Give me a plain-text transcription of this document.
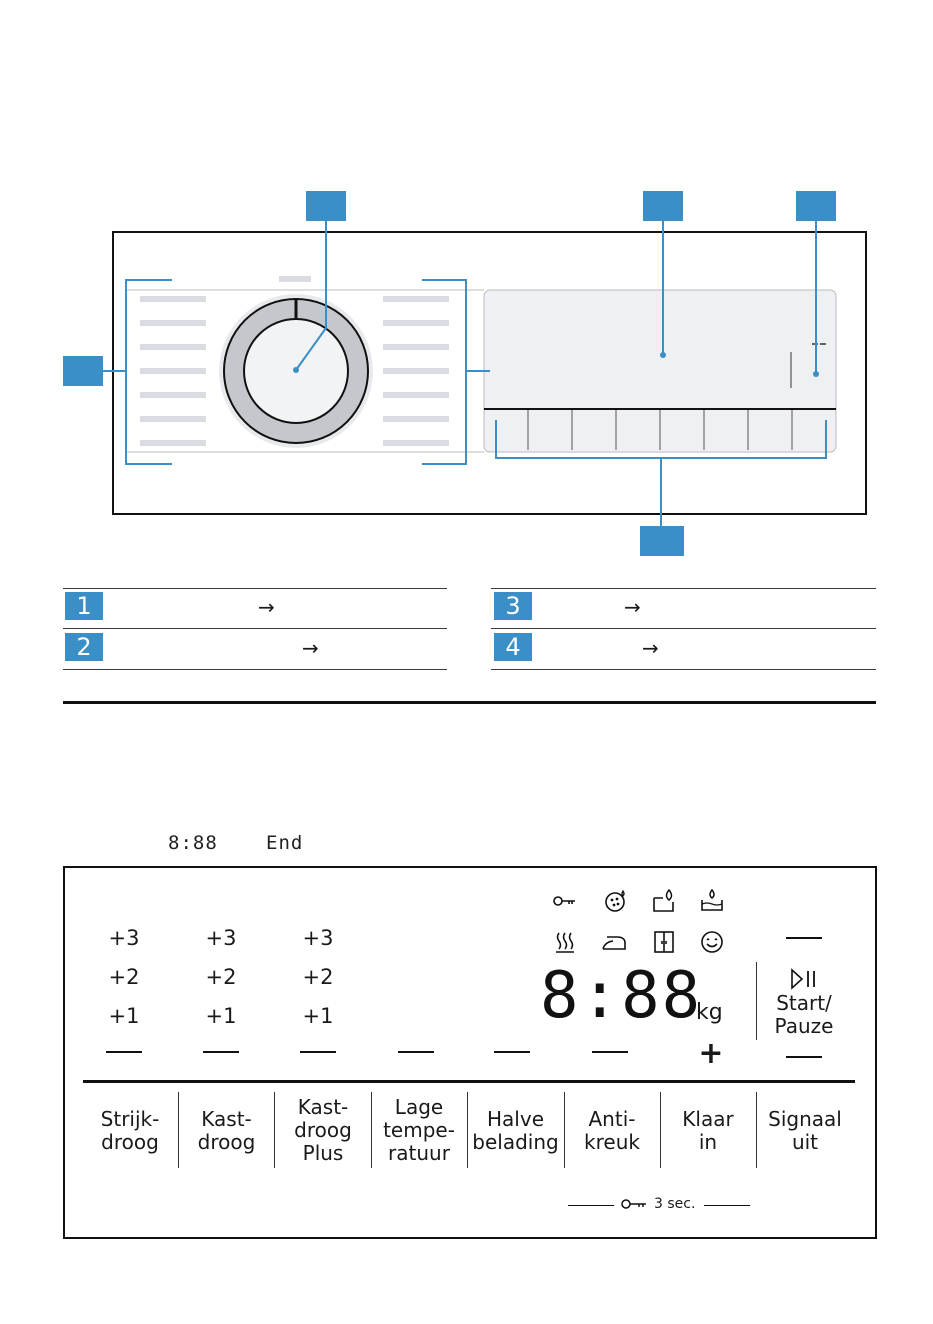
1	→
2	→
3	→
4	→
8:88	End
+3
+2
+1
+3
+2
+1
+3
+2
+1
+
8:88
kg	Start/
Pauze
Strijk-
droog
Kast-
droog
Kast-
droog
Plus
Lage
tempe-
ratuur
Halve
belading
Anti-
kreuk
Klaar
in
Signaal
uit
3 sec.
